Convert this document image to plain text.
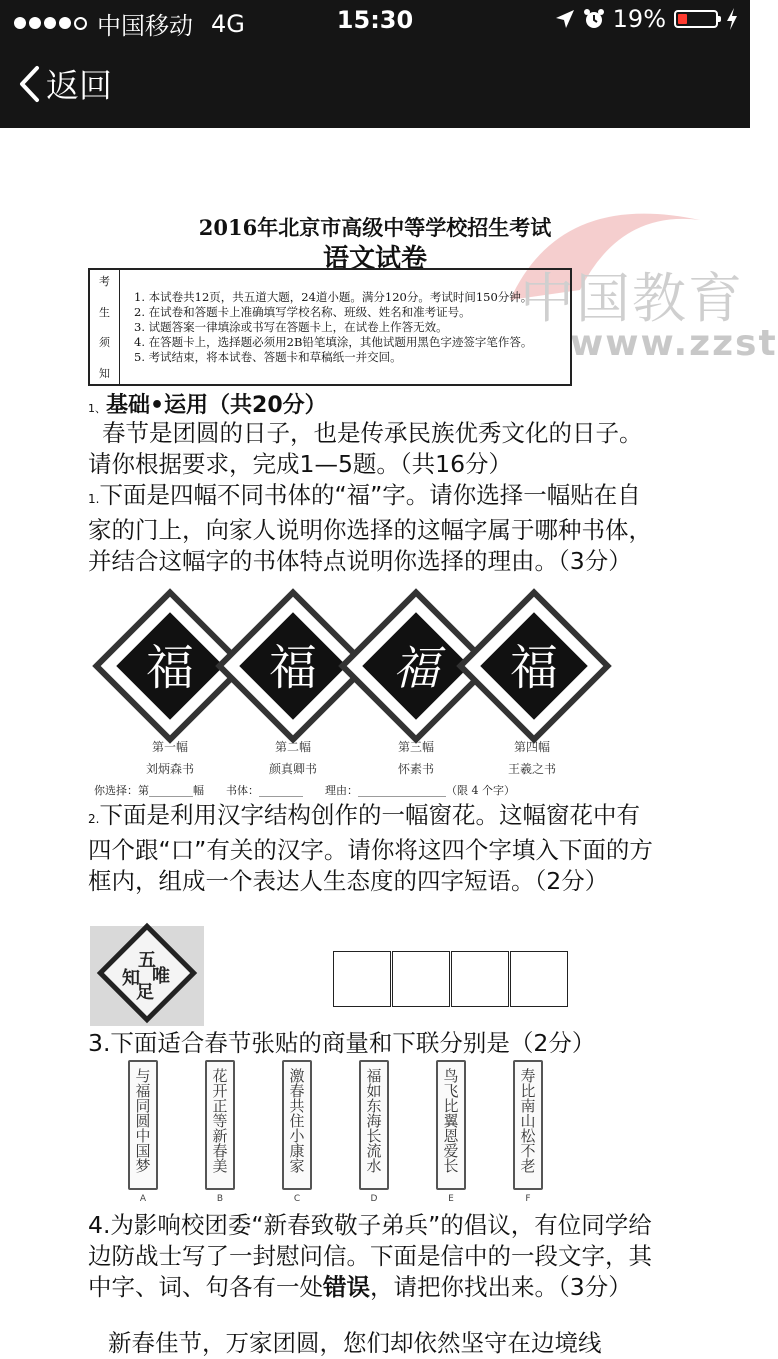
中国移动 4G	15:30	19%
返回
中国教育
www.zzst
2016年北京市高级中等学校招生考试
语文试卷
考
生
须
知
1. 本试卷共12页，共五道大题，24道小题。满分120分。考试时间150分钟。
2. 在试卷和答题卡上准确填写学校名称、班级、姓名和准考证号。
3. 试题答案一律填涂或书写在答题卡上，在试卷上作答无效。
4. 在答题卡上，选择题必须用2B铅笔填涂，其他试题用黑色字迹签字笔作答。
5. 考试结束，将本试卷、答题卡和草稿纸一并交回。
1、基础•运用（共20分）
春节是团圆的日子，也是传承民族优秀文化的日子。请你根据要求，完成1—5题。（共16分）
1.下面是四幅不同书体的“福”字。请你选择一幅贴在自家的门上，向家人说明你选择的这幅字属于哪种书体，并结合这幅字的书体特点说明你选择的理由。（3分）
福 福 福 福
第一幅
刘炳森书
第二幅
颜真卿书
第三幅
怀素书
第四幅
王羲之书
你选择：第________幅　　书体：________　　理由：________________（限 4 个字）
2.下面是利用汉字结构创作的一幅窗花。这幅窗花中有四个跟“口”有关的汉字。请你将这四个字填入下面的方框内，组成一个表达人生态度的四字短语。（2分）
五
唯
知
足
3.下面适合春节张贴的商量和下联分别是（2分）
与福同圆中国梦
A
花开正等新春美
B
激春共住小康家
C
福如东海长流水
D
鸟飞比翼恩爱长
E
寿比南山松不老
F
4.为影响校团委“新春致敬子弟兵”的倡议，有位同学给边防战士写了一封慰问信。下面是信中的一段文字，其中字、词、句各有一处错误，请把你找出来。（3分）
新春佳节，万家团圆，您们却依然坚守在边境线
